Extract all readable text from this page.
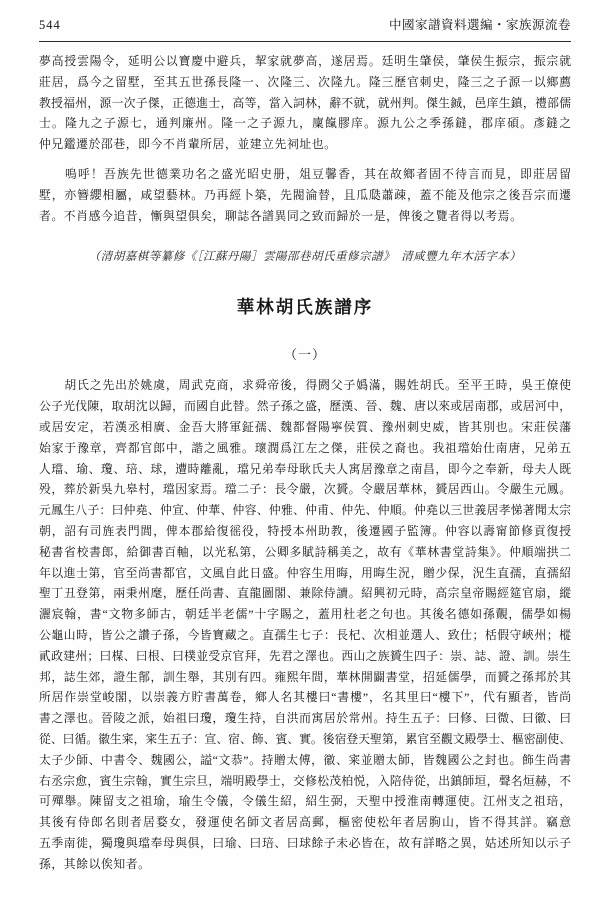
544	中國家譜資料選編・家族源流卷
夢高授雲陽令，延明公以寶慶中避兵，挈家就夢高，遂居焉。廷明生肇侯，肇侯生振宗，振宗就
莊居，爲今之留墅，至其五世孫長隆一、次隆三、次隆九。隆三歷官刺史，隆三之子源一以鄉薦
教授福州，源一次子傑，正德進士，高等，當入詞林，辭不就，就州判。傑生鋮，邑庠生鎮，禮部儒
士。隆九之子源七，通判廉州。隆一之子源九，廩餼膠庠。源九公之季孫鏠，郡庠碩。彥鏠之
仲兄鑑遷於邵巷，即今不肖輩所居，並建立先祠址也。
　　嗚呼！吾族先世德業功名之盛光昭史册，俎豆馨香，其在故鄉者固不待言而見，即莊居留
墅，亦簪纓相屬，咸望藝林。乃再經卜築，先閥淪替，且瓜瓞蕭疎，蓋不能及他宗之後吾宗而遷
者。不肖感今追昔，慚與望俱矣，聊誌各譜異同之致而歸於一是，俾後之覽者得以考焉。
（清胡嘉棋等纂修《［江蘇丹陽］雲陽邵巷胡氏重修宗譜》　清咸豐九年木活字本）
華林胡氏族譜序
（一）
　　胡氏之先出於姚虞，周武克商，求舜帝後，得閼父子嬀滿，賜姓胡氏。至平王時，吳王僚使
公子光伐陳，取胡沈以歸，而國自此替。然子孫之盛，歷漢、晉、魏、唐以來或居南郡，或居河中，
或居安定，若漢丞相廣、金吾大將軍鉦孺、魏都督陽寧侯質、豫州刺史威，皆其別也。宋莊侯藩
始家于豫章，齊都官郎中，諧之風雅。瓌潤爲江左之傑，莊侯之裔也。我祖璫始仕南唐，兄弟五
人璫、瑜、瓊、琣、球，遭時離亂，璫兄弟奉母耿氏夫人寓居豫章之南昌，即今之奉新，母夫人既
殁，葬於新吳九皋村，璫因家焉。璫二子：長令嚴，次贇。令嚴居華林，贇居西山。令嚴生元鳳。
元鳳生八子：曰仲堯、仲宣、仲華、仲容、仲雅、仲甫、仲先、仲順。仲堯以三世義居孝悌著聞太宗
朝，詔有司旌表門閭，俾本郡給復徭役，特授本州助教，後遷國子監簿。仲容以壽甯節修貢復授
秘書省校書郎，給御書百軸，以光私第，公卿多賦詩稱美之，故有《華林書堂詩集》。仲順端拱二
年以進士第，官至尚書都官，文風自此日盛。仲容生用晦，用晦生況，贈少保，況生直孺，直孺紹
聖丁丑登第，兩秉州麾，歷任尚書、直龍圖閣、兼除侍讀。紹興初元時，高宗皇帝賜經筵官扇，縱
灑宸翰，書“文物多師古，朝廷半老儒”十字賜之，蓋用杜老之句也。其後名德如孫覿，儒學如楊
公龜山時，皆公之讚子孫，今皆寶藏之。直孺生七子：長杞、次相並選人、致仕；栝假守峽州；樅
貳政建州；曰楳、曰根、曰樸並受京官拜，先君之澤也。西山之族贇生四子：崇、誌、證、訓。崇生
邦，誌生郊，證生鄁，訓生舉，其別有四。雍熙年間，華林開闢書堂，招延儒學，而贇之孫邦於其
所居作崇堂峻閣，以崇義方貯書萬卷，鄉人名其樓曰“書樓”，名其里曰“樓下”，代有顯者，皆尚
書之澤也。晉陵之派，始祖曰瓊，瓊生持，自洪而寓居於常州。持生五子：曰修、曰微、曰徽、曰
從、曰循。徽生宷，宷生五子：宣、宿、飾、賓、實。後宿登天聖第，累官至觀文殿學士、樞密副使、
太子少師、中書令、魏國公，謚“文恭”。持贈太傅，徽、宷並贈太師，皆魏國公之封也。飾生尚書
右丞宗愈，賓生宗翰，實生宗旦，端明殿學士，交修松茂柏悦，入陪侍從，出鎮師垣，聲名烜赫，不
可殫舉。陳留支之祖瑜，瑜生令儀，令儀生紹，紹生弼，天聖中授淮南轉運使。江州支之祖琣，
其後有侍郎名則者居婺女，發運使名師文者居高郵，樞密使松年者居胊山，皆不得其詳。竊意
五季南徙，獨瓊與璫奉母與俱，曰瑜、曰琣、曰球餘子未必皆在，故有詳略之異，姑述所知以示子
孫，其餘以俟知者。
